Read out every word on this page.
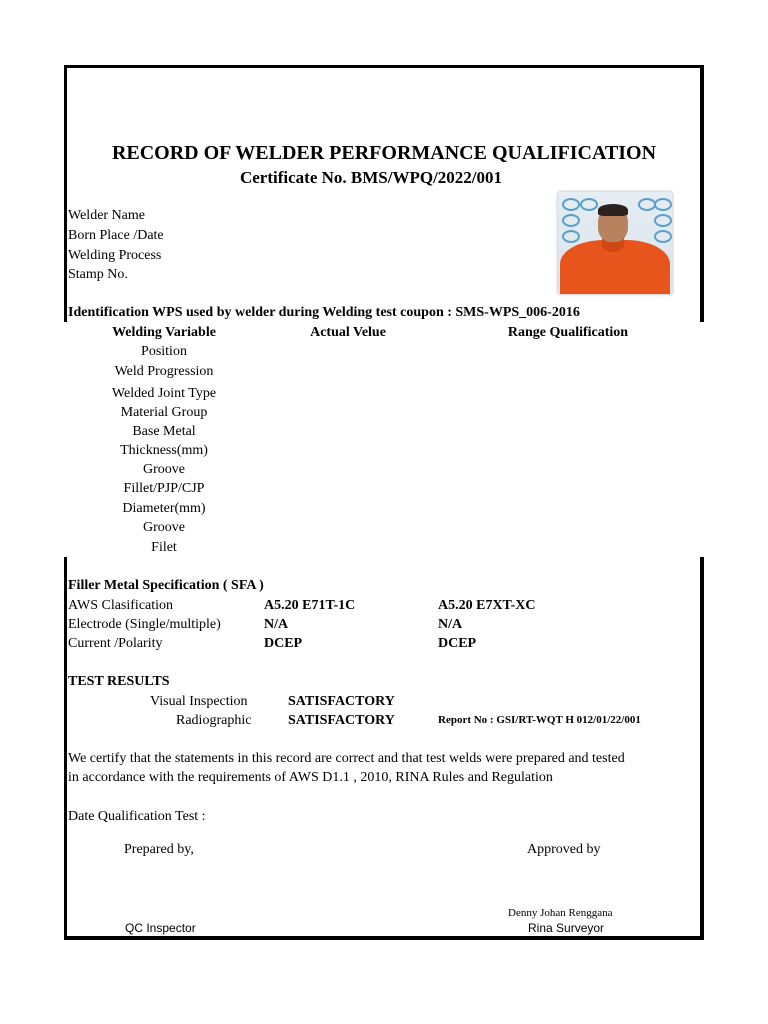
RECORD OF WELDER PERFORMANCE QUALIFICATION
Certificate No. BMS/WPQ/2022/001
Welder Name
Born Place /Date
Welding Process
Stamp No.
Identification WPS used by welder during Welding test coupon : SMS-WPS_006-2016
Welding Variable	Actual Velue	Range Qualification
Position
Weld Progression
Welded Joint Type
Material Group
Base Metal
Thickness(mm)
Groove
Fillet/PJP/CJP
Diameter(mm)
Groove
Filet
Filler Metal Specification ( SFA )
AWS Clasification	A5.20 E71T-1C	A5.20 E7XT-XC
Electrode (Single/multiple)	N/A	N/A
Current /Polarity	DCEP	DCEP
TEST RESULTS
Visual Inspection	SATISFACTORY
Radiographic	SATISFACTORY	Report No : GSI/RT-WQT H 012/01/22/001
We certify that the statements in this record are correct and that test welds were prepared and tested
in accordance with the requirements of AWS D1.1 , 2010, RINA Rules and Regulation
Date Qualification Test :
Prepared by,	Approved by
Denny Johan Renggana
QC Inspector	Rina Surveyor
